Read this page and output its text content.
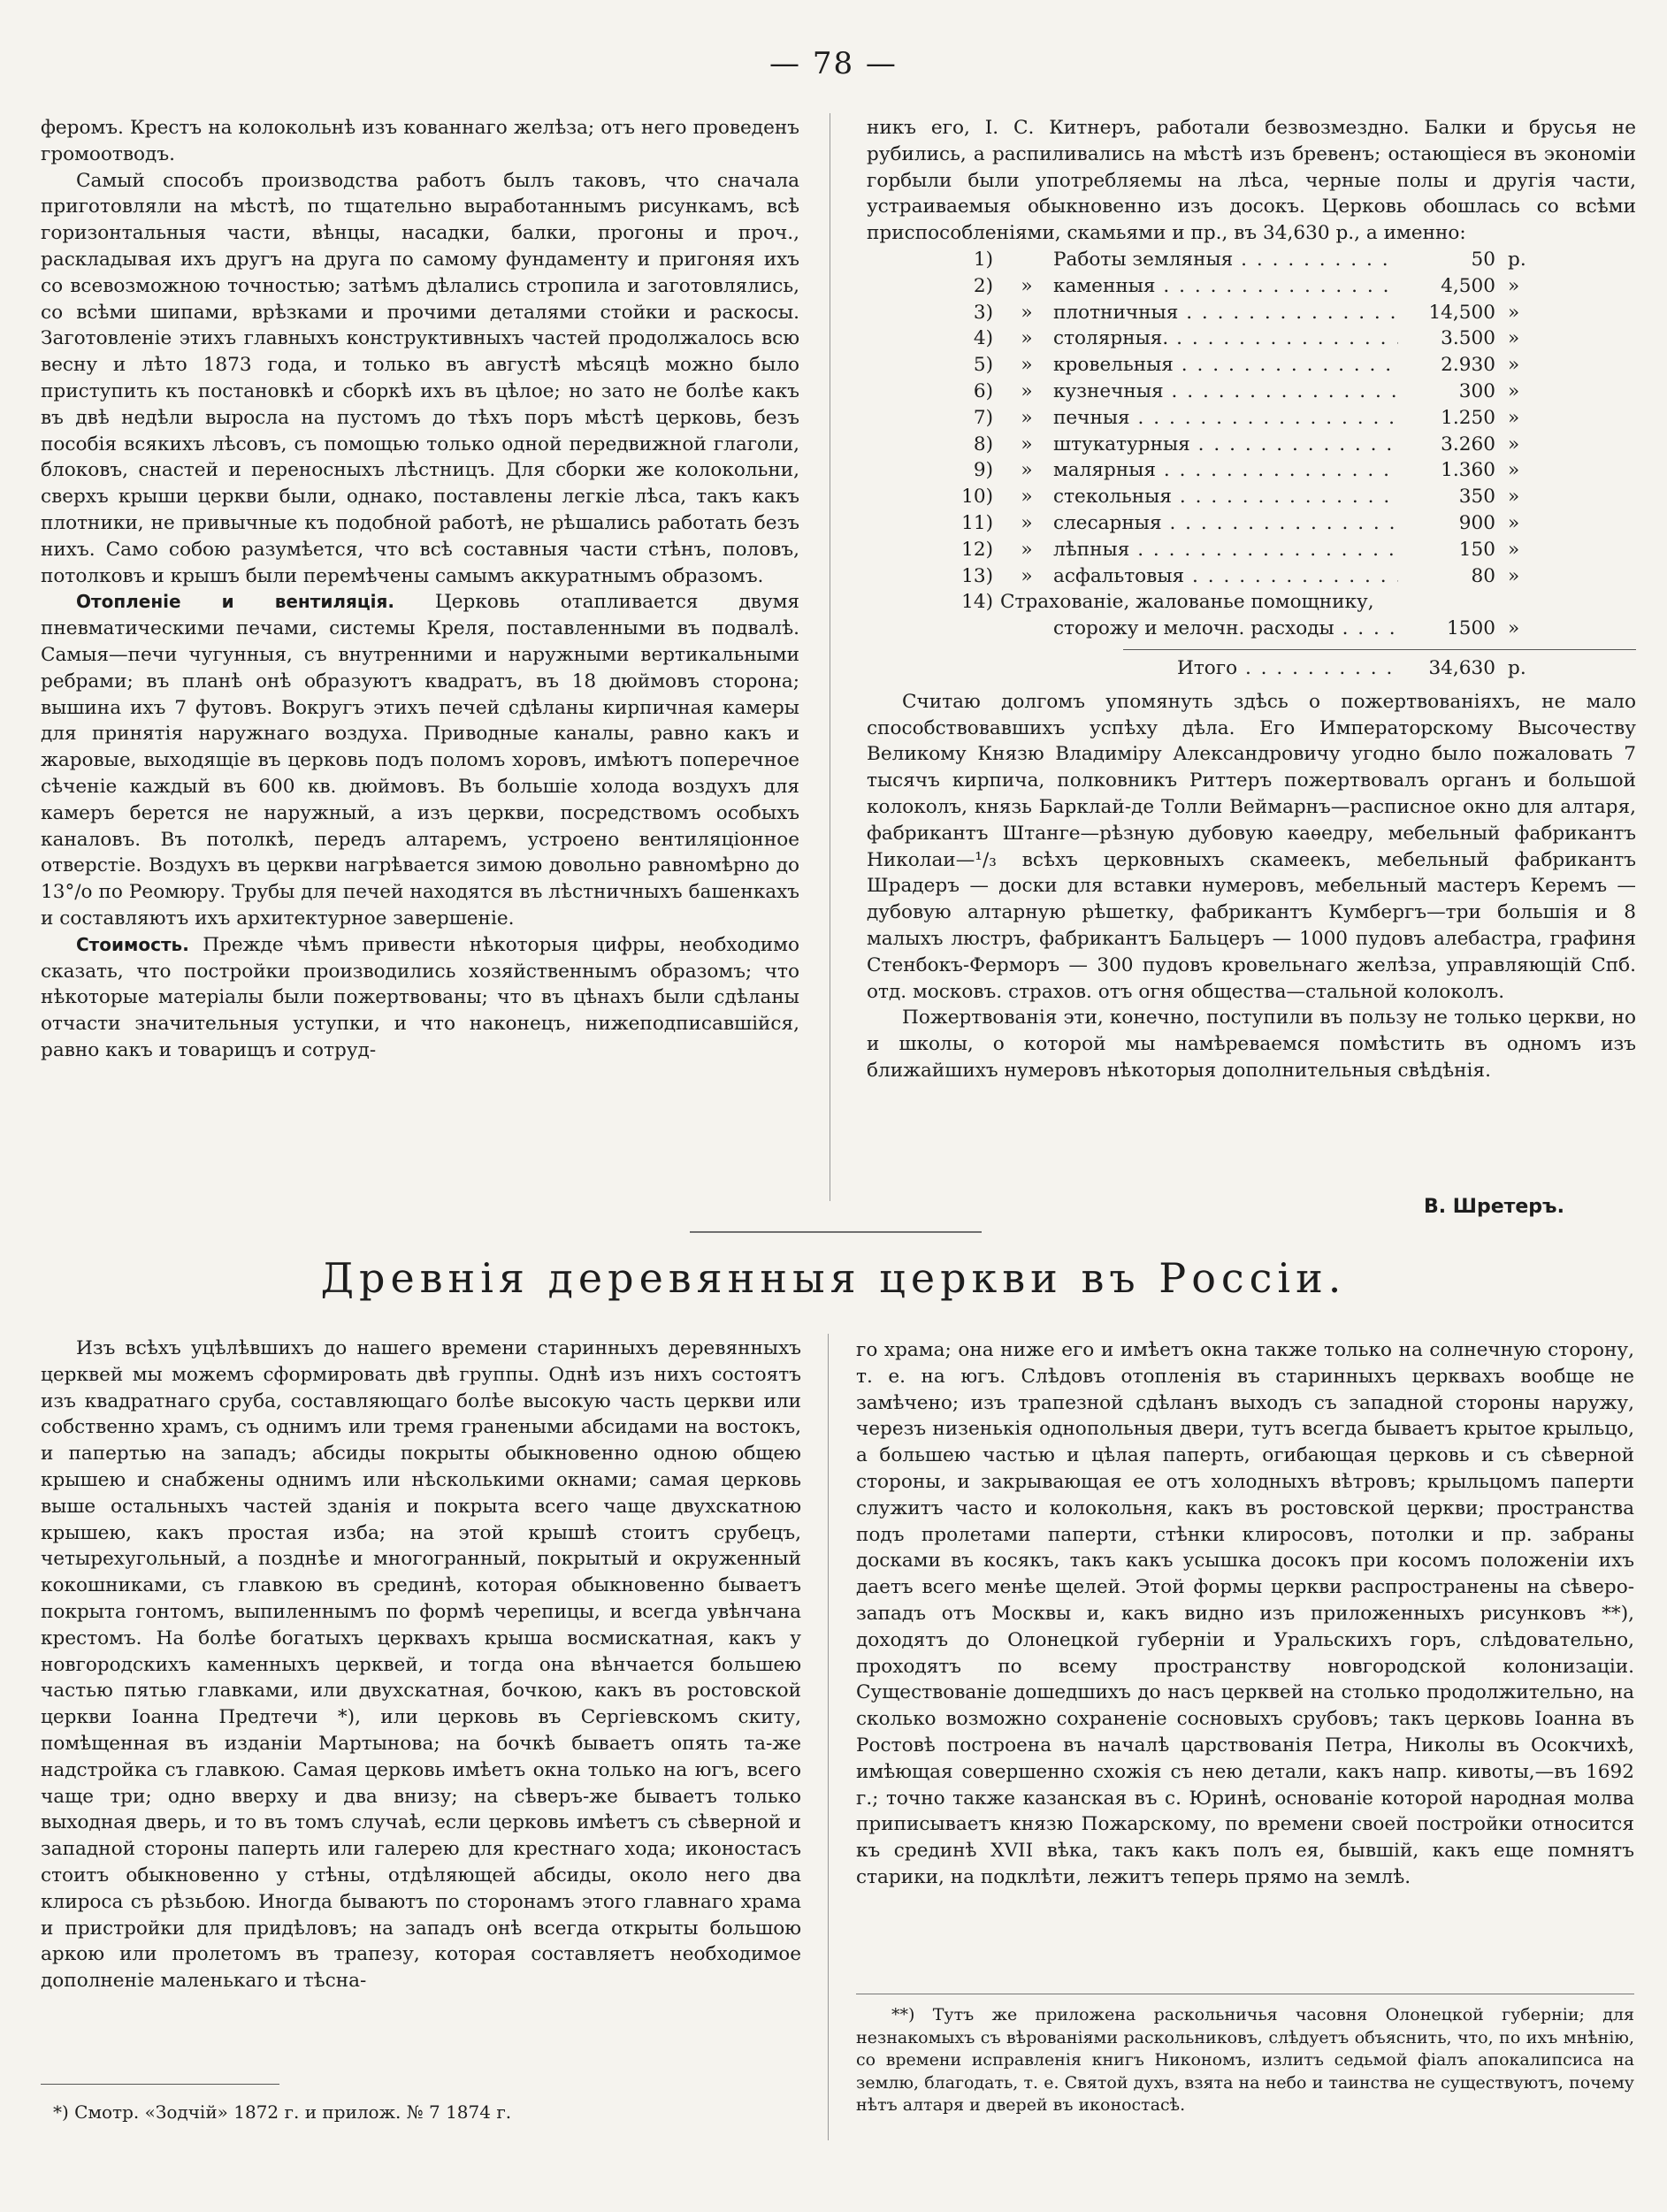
— 78 —

феромъ. Крестъ на колокольнѣ изъ кованнаго желѣза; отъ него проведенъ громоотводъ.

Самый способъ производства работъ былъ таковъ, что сначала приготовляли на мѣстѣ, по тщательно выработаннымъ рисункамъ, всѣ горизонтальныя части, вѣнцы, насадки, балки, прогоны и проч., раскладывая ихъ другъ на друга по самому фундаменту и пригоняя ихъ со всевозможною точностью; затѣмъ дѣлались стропила и заготовлялись, со всѣми шипами, врѣзками и прочими деталями стойки и раскосы. Заготовленіе этихъ главныхъ конструктивныхъ частей продолжалось всю весну и лѣто 1873 года, и только въ августѣ мѣсяцѣ можно было приступить къ постановкѣ и сборкѣ ихъ въ цѣлое; но зато не болѣе какъ въ двѣ недѣли выросла на пустомъ до тѣхъ поръ мѣстѣ церковь, безъ пособія всякихъ лѣсовъ, съ помощью только одной передвижной глаголи, блоковъ, снастей и переносныхъ лѣстницъ. Для сборки же колокольни, сверхъ крыши церкви были, однако, поставлены легкіе лѣса, такъ какъ плотники, не привычные къ подобной работѣ, не рѣшались работать безъ нихъ. Само собою разумѣется, что всѣ составныя части стѣнъ, половъ, потолковъ и крышъ были перемѣчены самымъ аккуратнымъ образомъ.

Отопленіе и вентиляція. Церковь отапливается двумя пневматическими печами, системы Креля, поставленными въ подвалѣ. Самыя—печи чугунныя, съ внутренними и наружными вертикальными ребрами; въ планѣ онѣ образуютъ квадратъ, въ 18 дюймовъ сторона; вышина ихъ 7 футовъ. Вокругъ этихъ печей сдѣланы кирпичная камеры для принятія наружнаго воздуха. Приводные каналы, равно какъ и жаровые, выходящіе въ церковь подъ поломъ хоровъ, имѣютъ поперечное сѣченіе каждый въ 600 кв. дюймовъ. Въ большіе холода воздухъ для камеръ берется не наружный, а изъ церкви, посредствомъ особыхъ каналовъ. Въ потолкѣ, передъ алтаремъ, устроено вентиляціонное отверстіе. Воздухъ въ церкви нагрѣвается зимою довольно равномѣрно до 13°/о по Реомюру. Трубы для печей находятся въ лѣстничныхъ башенкахъ и составляютъ ихъ архитектурное завершеніе.

Стоимость. Прежде чѣмъ привести нѣкоторыя цифры, необходимо сказать, что постройки производились хозяйственнымъ образомъ; что нѣкоторые матеріалы были пожертвованы; что въ цѣнахъ были сдѣланы отчасти значительныя уступки, и что наконецъ, нижеподписавшійся, равно какъ и товарищъ и сотруд-

никъ его, I. С. Китнеръ, работали безвозмездно. Балки и брусья не рубились, а распиливались на мѣстѣ изъ бревенъ; остающіеся въ экономіи горбыли были употребляемы на лѣса, черные полы и другія части, устраиваемыя обыкновенно изъ досокъ. Церковь обошлась со всѣми приспособленіями, скамьями и пр., въ 34,630 р., а именно:

1)	Работы земляныя . . .	50 р.
2)	»	каменныя . . .	4,500 »
3)	»	плотничныя . . .	14,500 »
4)	»	столярныя. . . .	3.500 »
5)	»	кровельныя . . .	2.930 »
6)	»	кузнечныя . . .	300 »
7)	»	печныя . . .	1.250 »
8)	»	штукатурныя . . .	3.260 »
9)	»	малярныя . . .	1.360 »
10)	»	стекольныя . . .	350 »
11)	»	слесарныя . . .	900 »
12)	»	лѣпныя . . .	150 »
13)	»	асфальтовыя . . .	80 »
14) Страхованіе, жалованье помощнику,
сторожу и мелочн. расходы . . .	1500 »
Итого . . .	34,630 р.

Считаю долгомъ упомянуть здѣсь о пожертвованіяхъ, не мало способствовавшихъ успѣху дѣла. Его Императорскому Высочеству Великому Князю Владиміру Александровичу угодно было пожаловать 7 тысячъ кирпича, полковникъ Риттеръ пожертвовалъ органъ и большой колоколъ, князь Барклай-де Толли Веймарнъ—расписное окно для алтаря, фабрикантъ Штанге—рѣзную дубовую каѳедру, мебельный фабрикантъ Николаи—¹/₃ всѣхъ церковныхъ скамеекъ, мебельный фабрикантъ Шрадеръ — доски для вставки нумеровъ, мебельный мастеръ Керемъ — дубовую алтарную рѣшетку, фабрикантъ Кумбергъ—три большія и 8 малыхъ люстръ, фабрикантъ Бальцеръ — 1000 пудовъ алебастра, графиня Стенбокъ-Ферморъ — 300 пудовъ кровельнаго желѣза, управляющій Спб. отд. московъ. страхов. отъ огня общества—стальной колоколъ.

Пожертвованія эти, конечно, поступили въ пользу не только церкви, но и школы, о которой мы намѣреваемся помѣстить въ одномъ изъ ближайшихъ нумеровъ нѣкоторыя дополнительныя свѣдѣнія.

В. Шретеръ.
Древнія деревянныя церкви въ Россіи.

Изъ всѣхъ уцѣлѣвшихъ до нашего времени старинныхъ деревянныхъ церквей мы можемъ сформировать двѣ группы. Однѣ изъ нихъ состоятъ изъ квадратнаго сруба, составляющаго болѣе высокую часть церкви или собственно храмъ, съ однимъ или тремя гранеными абсидами на востокъ, и папертью на западъ; абсиды покрыты обыкновенно одною общею крышею и снабжены однимъ или нѣсколькими окнами; самая церковь выше остальныхъ частей зданія и покрыта всего чаще двухскатною крышею, какъ простая изба; на этой крышѣ стоитъ срубецъ, четырехугольный, а позднѣе и многогранный, покрытый и окруженный кокошниками, съ главкою въ срединѣ, которая обыкновенно бываетъ покрыта гонтомъ, выпиленнымъ по формѣ черепицы, и всегда увѣнчана крестомъ. На болѣе богатыхъ церквахъ крыша восмискатная, какъ у новгородскихъ каменныхъ церквей, и тогда она вѣнчается большею частью пятью главками, или двухскатная, бочкою, какъ въ ростовской церкви Іоанна Предтечи *), или церковь въ Сергіевскомъ скиту, помѣщенная въ изданіи Мартынова; на бочкѣ бываетъ опять та-же надстройка съ главкою. Самая церковь имѣетъ окна только на югъ, всего чаще три; одно вверху и два внизу; на сѣверъ-же бываетъ только выходная дверь, и то въ томъ случаѣ, если церковь имѣетъ съ сѣверной и западной стороны паперть или галерею для крестнаго хода; иконостасъ стоитъ обыкновенно у стѣны, отдѣляющей абсиды, около него два клироса съ рѣзьбою. Иногда бываютъ по сторонамъ этого главнаго храма и пристройки для придѣловъ; на западъ онѣ всегда открыты большою аркою или пролетомъ въ трапезу, которая составляетъ необходимое дополненіе маленькаго и тѣсна-

го храма; она ниже его и имѣетъ окна также только на солнечную сторону, т. е. на югъ. Слѣдовъ отопленія въ старинныхъ церквахъ вообще не замѣчено; изъ трапезной сдѣланъ выходъ съ западной стороны наружу, черезъ низенькія однопольныя двери, тутъ всегда бываетъ крытое крыльцо, а большею частью и цѣлая паперть, огибающая церковь и съ сѣверной стороны, и закрывающая ее отъ холодныхъ вѣтровъ; крыльцомъ паперти служитъ часто и колокольня, какъ въ ростовской церкви; пространства подъ пролетами паперти, стѣнки клиросовъ, потолки и пр. забраны досками въ косякъ, такъ какъ усышка досокъ при косомъ положеніи ихъ даетъ всего менѣе щелей. Этой формы церкви распространены на сѣверо-западъ отъ Москвы и, какъ видно изъ приложенныхъ рисунковъ **), доходятъ до Олонецкой губерніи и Уральскихъ горъ, слѣдовательно, проходятъ по всему пространству новгородской колонизаціи. Существованіе дошедшихъ до насъ церквей на столько продолжительно, на сколько возможно сохраненіе сосновыхъ срубовъ; такъ церковь Іоанна въ Ростовѣ построена въ началѣ царствованія Петра, Николы въ Осокчихѣ, имѣющая совершенно схожія съ нею детали, какъ напр. кивоты,—въ 1692 г.; точно также казанская въ с. Юринѣ, основаніе которой народная молва приписываетъ князю Пожарскому, по времени своей постройки относится къ срединѣ XVII вѣка, такъ какъ полъ ея, бывшій, какъ еще помнятъ старики, на подклѣти, лежитъ теперь прямо на землѣ.

*) Смотр. «Зодчій» 1872 г. и прилож. № 7 1874 г.

**) Тутъ же приложена раскольничья часовня Олонецкой губерніи; для незнакомыхъ съ вѣрованіями раскольниковъ, слѣдуетъ объяснить, что, по ихъ мнѣнію, со времени исправленія книгъ Никономъ, излитъ седьмой фіалъ апокалипсиса на землю, благодать, т. е. Святой духъ, взята на небо и таинства не существуютъ, почему нѣтъ алтаря и дверей въ иконостасѣ.
